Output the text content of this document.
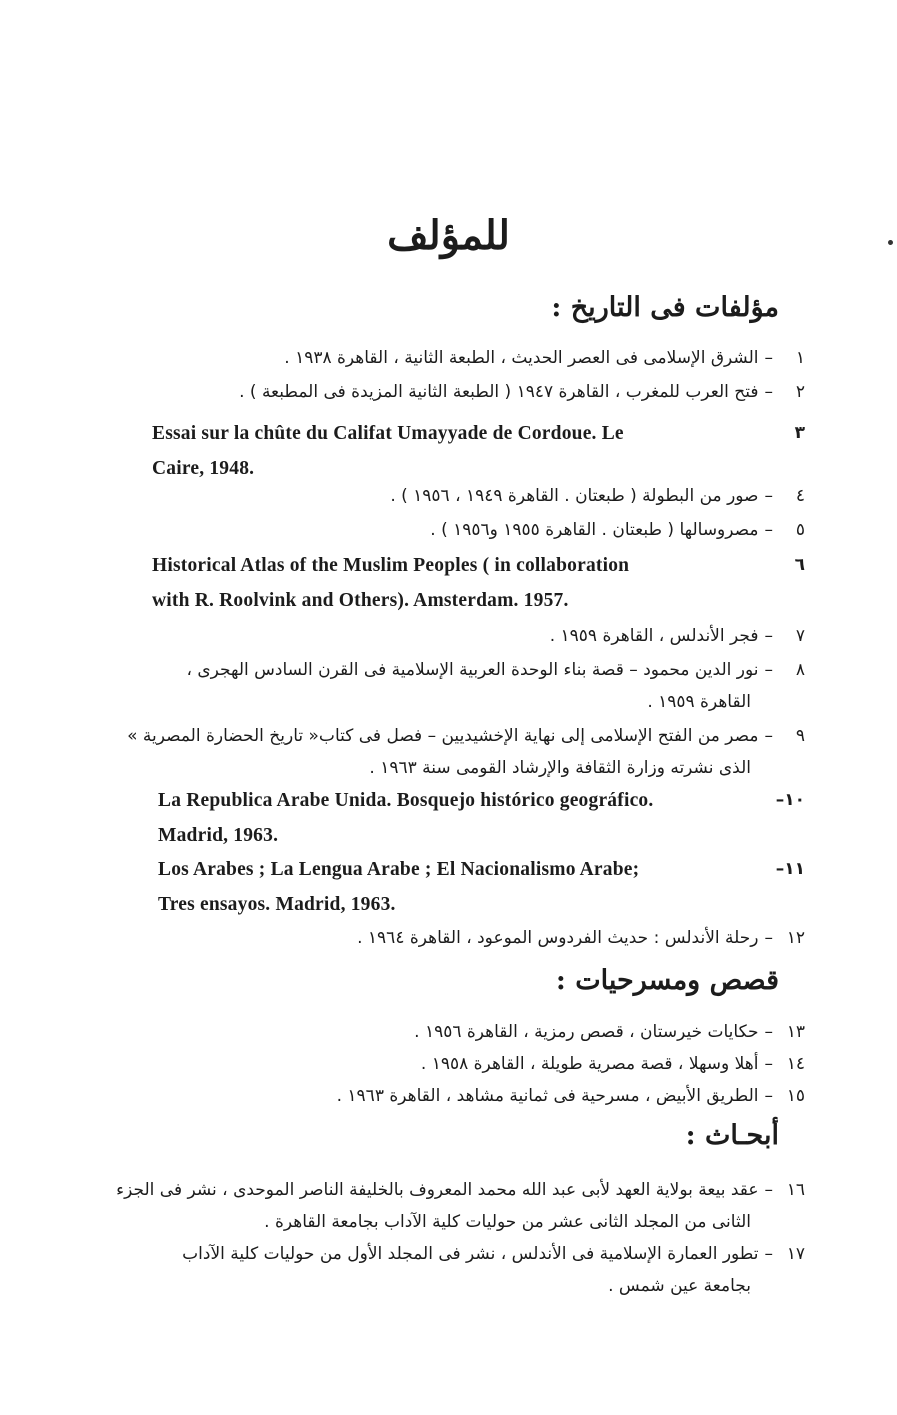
للمؤلف
مؤلفات فى التاريخ :
١–الشرق الإسلامى فى العصر الحديث ، الطبعة الثانية ، القاهرة ١٩٣٨ .
٢–فتح العرب للمغرب ، القاهرة ١٩٤٧ ( الطبعة الثانية المزيدة فى المطبعة ) .
Essai sur la chûte du Califat Umayyade de Cordoue. Le	٣
Caire, 1948.
٤–صور من البطولة ( طبعتان . القاهرة ١٩٤٩ ، ١٩٥٦ ) .
٥–مصروسالها ( طبعتان . القاهرة ١٩٥٥ و١٩٥٦ ) .
Historical Atlas of the Muslim Peoples ( in collaboration	٦
with R. Roolvink and Others). Amsterdam. 1957.
٧–فجر الأندلس ، القاهرة ١٩٥٩ .
٨–نور الدين محمود – قصة بناء الوحدة العربية الإسلامية فى القرن السادس الهجرى ،
القاهرة ١٩٥٩ .
٩–مصر من الفتح الإسلامى إلى نهاية الإخشيديين – فصل فى كتاب« تاريخ الحضارة المصرية »
الذى نشرته وزارة الثقافة والإرشاد القومى سنة ١٩٦٣ .
La Republica Arabe Unida. Bosquejo histórico geográfico.	–١٠
Madrid, 1963.
Los Arabes ; La Lengua Arabe ; El Nacionalismo Arabe;	–١١
Tres ensayos. Madrid, 1963.
١٢–رحلة الأندلس : حديث الفردوس الموعود ، القاهرة ١٩٦٤ .
قصص ومسرحيات :
١٣–حكايات خيرستان ، قصص رمزية ، القاهرة ١٩٥٦ .
١٤–أهلا وسهلا ، قصة مصرية طويلة ، القاهرة ١٩٥٨ .
١٥–الطريق الأبيض ، مسرحية فى ثمانية مشاهد ، القاهرة ١٩٦٣ .
أبحـاث :
١٦–عقد بيعة بولاية العهد لأبى عبد الله محمد المعروف بالخليفة الناصر الموحدى ، نشر فى الجزء
الثانى من المجلد الثانى عشر من حوليات كلية الآداب بجامعة القاهرة .
١٧–تطور العمارة الإسلامية فى الأندلس ، نشر فى المجلد الأول من حوليات كلية الآداب
بجامعة عين شمس .
